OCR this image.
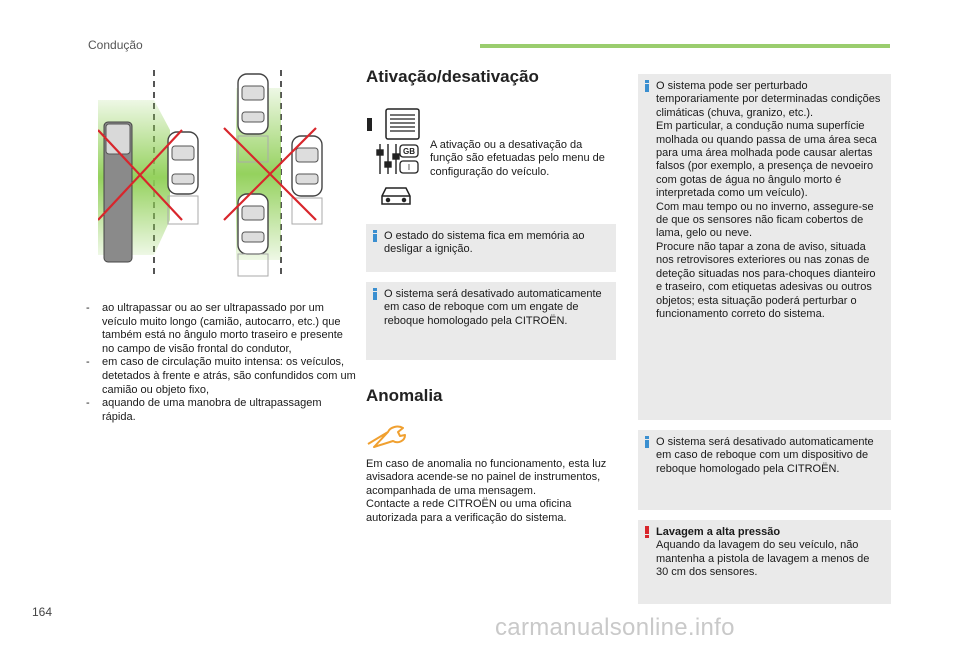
Condução
- ao ultrapassar ou ao ser ultrapassado por um veículo muito longo (camião, autocarro, etc.) que também está no ângulo morto traseiro e presente no campo de visão frontal do condutor,
- em caso de circulação muito intensa: os veículos, detetados à frente e atrás, são confundidos com um camião ou objeto fixo,
- aquando de uma manobra de ultrapassagem rápida.
Ativação/desativação
GB
I
A ativação ou a desativação da função são efetuadas pelo menu de configuração do veículo.
O estado do sistema fica em memória ao desligar a ignição.
O sistema será desativado automaticamente em caso de reboque com um engate de reboque homologado pela CITROËN.
Anomalia
Em caso de anomalia no funcionamento, esta luz avisadora acende-se no painel de instrumentos, acompanhada de uma mensagem.
Contacte a rede CITROËN ou uma oficina autorizada para a verificação do sistema.
O sistema pode ser perturbado temporariamente por determinadas condições climáticas (chuva, granizo, etc.).
Em particular, a condução numa superfície molhada ou quando passa de uma área seca para uma área molhada pode causar alertas falsos (por exemplo, a presença de nevoeiro com gotas de água no ângulo morto é interpretada como um veículo).
Com mau tempo ou no inverno, assegure-se de que os sensores não ficam cobertos de lama, gelo ou neve.
Procure não tapar a zona de aviso, situada nos retrovisores exteriores ou nas zonas de deteção situadas nos para-choques dianteiro e traseiro, com etiquetas adesivas ou outros objetos; esta situação poderá perturbar o funcionamento correto do sistema.
O sistema será desativado automaticamente em caso de reboque com um dispositivo de reboque homologado pela CITROËN.
Lavagem a alta pressão
Aquando da lavagem do seu veículo, não mantenha a pistola de lavagem a menos de 30 cm dos sensores.
164
carmanualsonline.info
